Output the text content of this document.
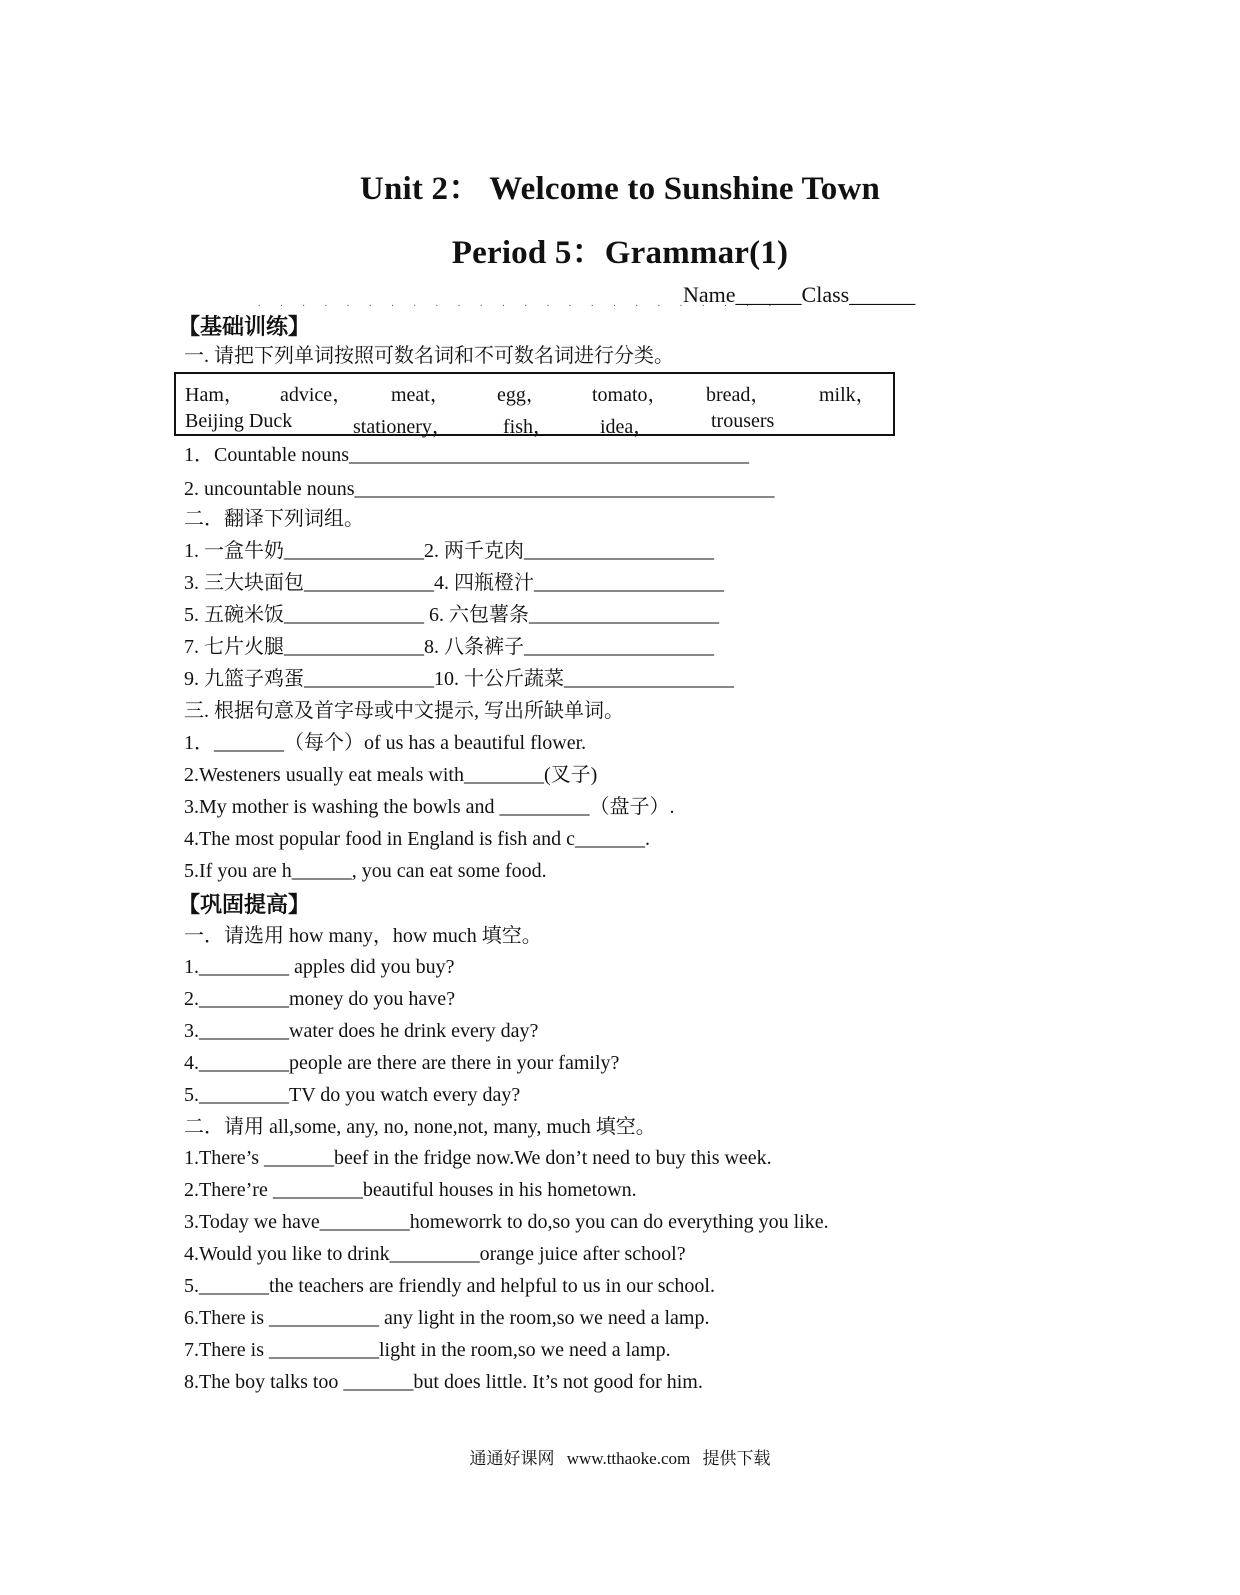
Unit 2： Welcome to Sunshine Town
Period 5：Grammar(1)
. . . . . . . . . . . . . . . . . . . . . . . .
Name______Class______
【基础训练】
一. 请把下列单词按照可数名词和不可数名词进行分类。
Ham， advice， meat， egg， tomato， bread， milk，
Beijing Duck	stationery，	fish， idea，	trousers
1．Countable nouns________________________________________
2. uncountable nouns__________________________________________
二．翻译下列词组。
1. 一盒牛奶______________2. 两千克肉___________________
3. 三大块面包_____________4. 四瓶橙汁___________________
5. 五碗米饭______________ 6. 六包薯条___________________
7. 七片火腿______________8. 八条裤子___________________
9. 九篮子鸡蛋_____________10. 十公斤蔬菜_________________
三. 根据句意及首字母或中文提示, 写出所缺单词。
1．_______（每个）of us has a beautiful flower.
2.Westeners usually eat meals with________(叉子)
3.My mother is washing the bowls and _________（盘子）.
4.The most popular food in England is fish and c_______.
5.If you are h______, you can eat some food.
【巩固提高】
一．请选用 how many，how much 填空。
1._________ apples did you buy?
2._________money do you have?
3._________water does he drink every day?
4._________people are there are there in your family?
5._________TV do you watch every day?
二．请用 all,some, any, no, none,not, many, much 填空。
1.There’s _______beef in the fridge now.We don’t need to buy this week.
2.There’re _________beautiful houses in his hometown.
3.Today we have_________homeworrk to do,so you can do everything you like.
4.Would you like to drink_________orange juice after school?
5._______the teachers are friendly and helpful to us in our school.
6.There is ___________ any light in the room,so we need a lamp.
7.There is ___________light in the room,so we need a lamp.
8.The boy talks too _______but does little. It’s not good for him.
通通好课网 www.tthaoke.com 提供下载
